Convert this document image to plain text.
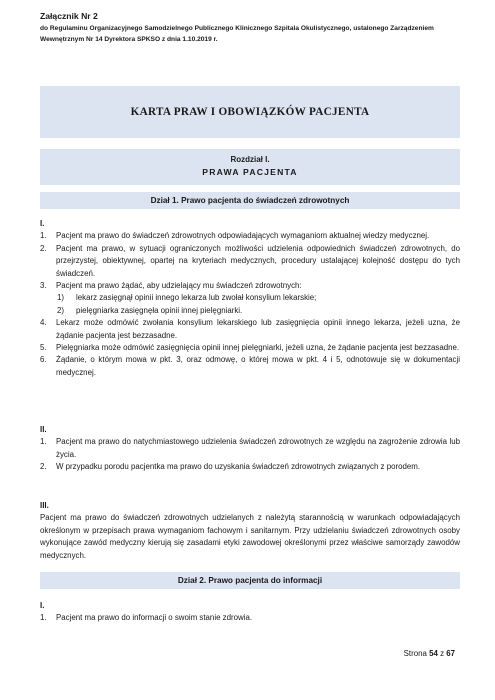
Załącznik Nr 2
do Regulaminu Organizacyjnego Samodzielnego Publicznego Klinicznego Szpitala Okulistycznego, ustalonego Zarządzeniem Wewnętrznym Nr 14 Dyrektora SPKSO z dnia 1.10.2019 r.
KARTA PRAW I OBOWIĄZKÓW PACJENTA
Rozdział I.
PRAWA PACJENTA
Dział 1. Prawo pacjenta do świadczeń zdrowotnych
I.
1. Pacjent ma prawo do świadczeń zdrowotnych odpowiadających wymaganiom aktualnej wiedzy medycznej.
2. Pacjent ma prawo, w sytuacji ograniczonych możliwości udzielenia odpowiednich świadczeń zdrowotnych, do przejrzystej, obiektywnej, opartej na kryteriach medycznych, procedury ustalającej kolejność dostępu do tych świadczeń.
3. Pacjent ma prawo żądać, aby udzielający mu świadczeń zdrowotnych:
1) lekarz zasięgnął opinii innego lekarza lub zwołał konsylium lekarskie;
2) pielęgniarka zasięgnęła opinii innej pielęgniarki.
4. Lekarz może odmówić zwołania konsylium lekarskiego lub zasięgnięcia opinii innego lekarza, jeżeli uzna, że żądanie pacjenta jest bezzasadne.
5. Pielęgniarka może odmówić zasięgnięcia opinii innej pielęgniarki, jeżeli uzna, że żądanie pacjenta jest bezzasadne.
6. Żądanie, o którym mowa w pkt. 3, oraz odmowę, o której mowa w pkt. 4 i 5, odnotowuje się w dokumentacji medycznej.
II.
1. Pacjent ma prawo do natychmiastowego udzielenia świadczeń zdrowotnych ze względu na zagrożenie zdrowia lub życia.
2. W przypadku porodu pacjentka ma prawo do uzyskania świadczeń zdrowotnych związanych z porodem.
III.
Pacjent ma prawo do świadczeń zdrowotnych udzielanych z należytą starannością w warunkach odpowiadających określonym w przepisach prawa wymaganiom fachowym i sanitarnym. Przy udzielaniu świadczeń zdrowotnych osoby wykonujące zawód medyczny kierują się zasadami etyki zawodowej określonymi przez właściwe samorządy zawodów medycznych.
Dział 2. Prawo pacjenta do informacji
I.
1. Pacjent ma prawo do informacji o swoim stanie zdrowia.
Strona 54 z 67
